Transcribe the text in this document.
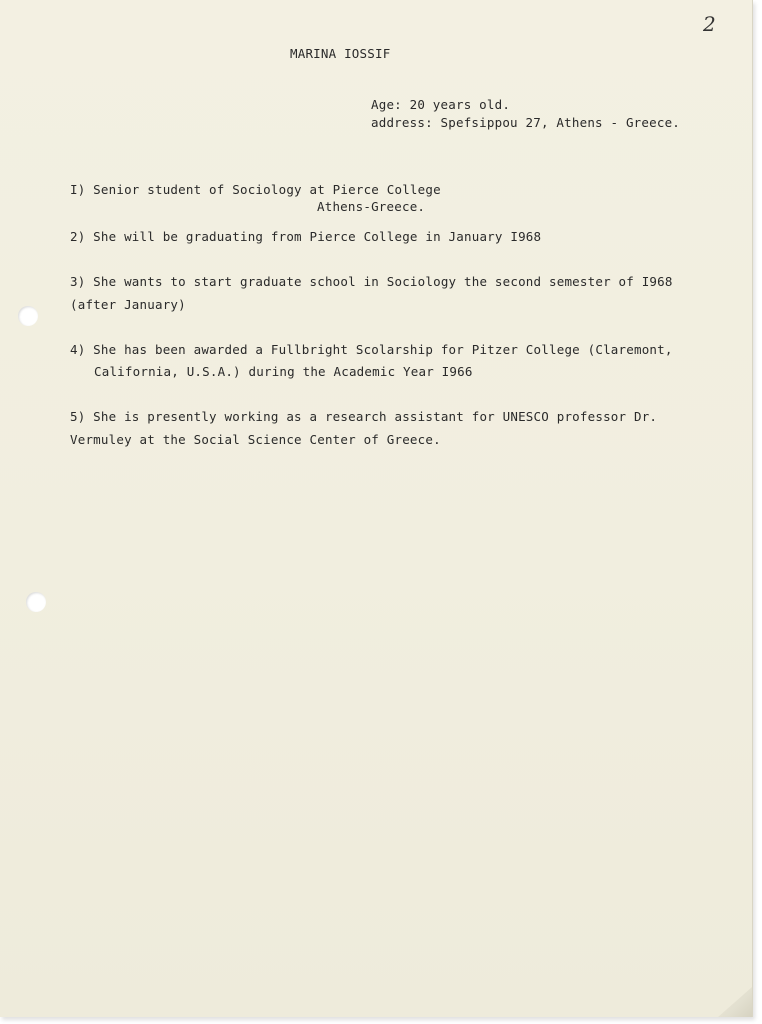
2
MARINA IOSSIF
Age: 20 years old.
address: Spefsippou 27, Athens - Greece.
I) Senior student of Sociology at Pierce College
Athens-Greece.
2) She will be graduating from Pierce College in January I968
3) She wants to start graduate school in Sociology the second semester of I968
(after January)
4) She has been awarded a Fullbright Scolarship for Pitzer College (Claremont,
California, U.S.A.) during the Academic Year I966
5) She is presently working as a research assistant for UNESCO professor Dr.
Vermuley at the Social Science Center of Greece.
